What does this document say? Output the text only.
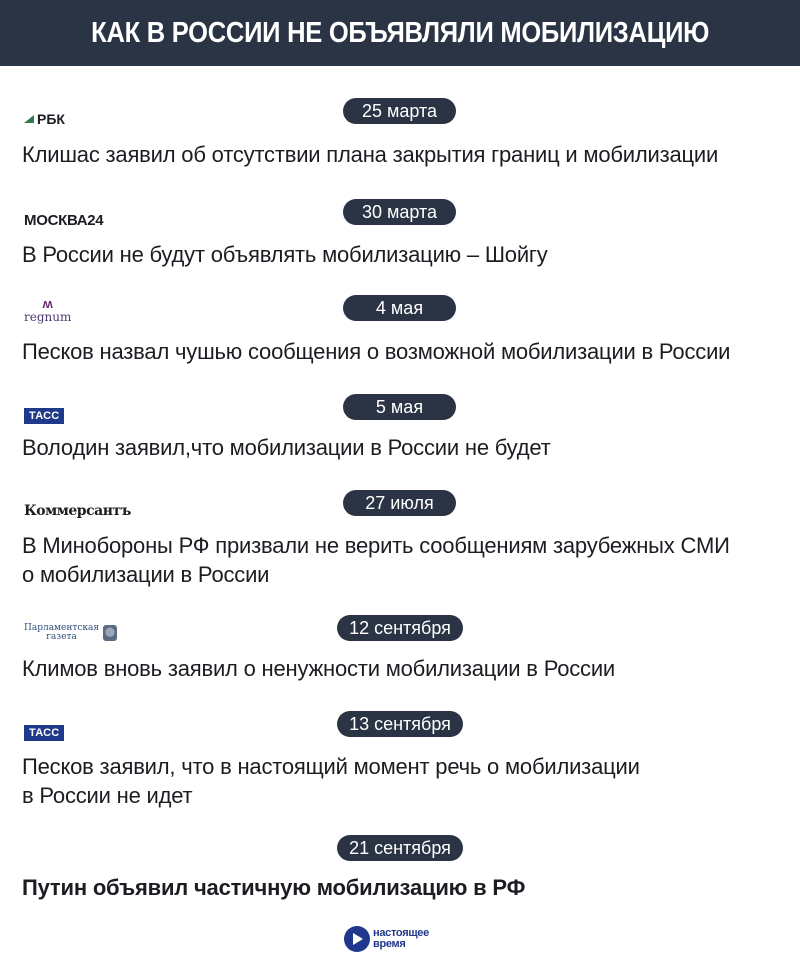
КАК В РОССИИ НЕ ОБЪЯВЛЯЛИ МОБИЛИЗАЦИЮ
25 марта
РБК
Клишас заявил об отсутствии плана закрытия границ и мобилизации
30 марта
МОСКВА24
В России не будут объявлять мобилизацию – Шойгу
4 мая
ʍ
regnum
Песков назвал чушью сообщения о возможной мобилизации в России
5 мая
ТАСС
Володин заявил,что мобилизации в России не будет
27 июля
Коммерсантъ
В Минобороны РФ призвали не верить сообщениям зарубежных СМИ
о мобилизации в России
12 сентября
Парламентская
газета
Климов вновь заявил о ненужности мобилизации в России
13 сентября
ТАСС
Песков заявил, что в настоящий момент речь о мобилизации
в России не идет
21 сентября
Путин объявил частичную мобилизацию в РФ
настоящее
время
